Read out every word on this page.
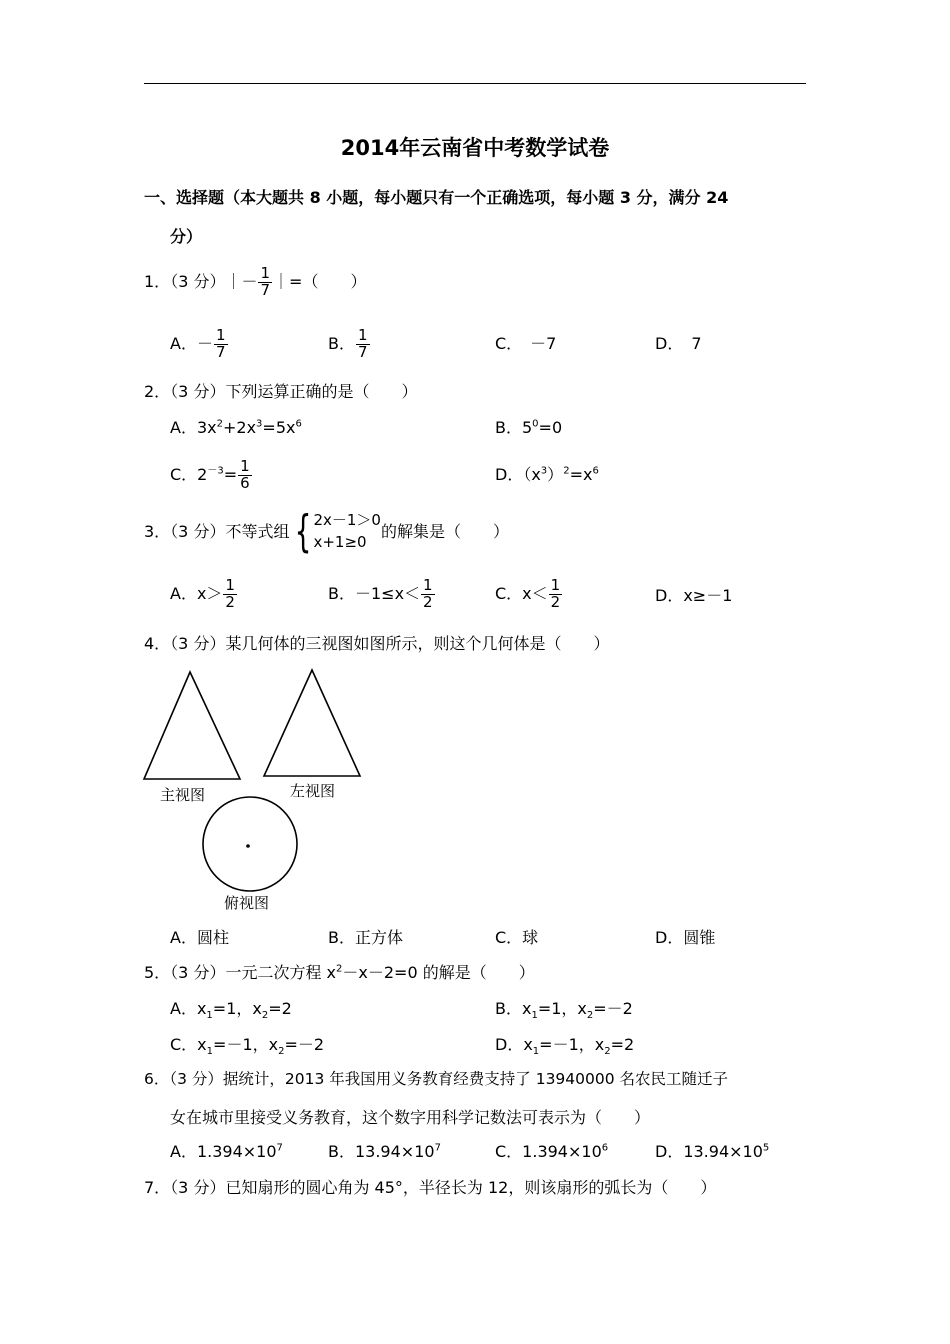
2014年云南省中考数学试卷
一、选择题（本大题共 8 小题，每小题只有一个正确选项，每小题 3 分，满分 24
分）
1．（3 分）｜－ $\frac{1}{7}$ ｜=（　　）
A．－ $\frac{1}{7}$	B． $\frac{1}{7}$	C．　－7	D．　7
2．（3 分）下列运算正确的是（　　）
A．$3x^2+2x^3=5x^6$	B．$5^0=0$
C．$2^{-3}= \frac{1}{6}$	D．$(x^3)^2=x^6$
3．（3 分）不等式组 { 2x－1＞0
x+1≥0
的解集是（　　）
A．$x> \frac{1}{2}$	B．$-1\le x< \frac{1}{2}$	C．$x< \frac{1}{2}$	D．x≥－1
4．（3 分）某几何体的三视图如图所示，则这个几何体是（　　）
主视图	左视图
俯视图
A．圆柱	B．正方体	C．球	D．圆锥
5．（3 分）一元二次方程 $x^2-x-2=0$ 的解是（　　）
A．$x_1=1$，$x_2=2$	B．$x_1=1$，$x_2=-2$
C．$x_1=-1$，$x_2=-2$	D．$x_1=-1$，$x_2=2$
6．（3 分）据统计，2013 年我国用义务教育经费支持了 13940000 名农民工随迁子
女在城市里接受义务教育，这个数字用科学记数法可表示为（　　）
A．$1.394\times 10^7$	B．$13.94\times 10^7$	C．$1.394\times 10^6$	D．$13.94\times 10^5$
7．（3 分）已知扇形的圆心角为 45°，半径长为 12，则该扇形的弧长为（　　）
